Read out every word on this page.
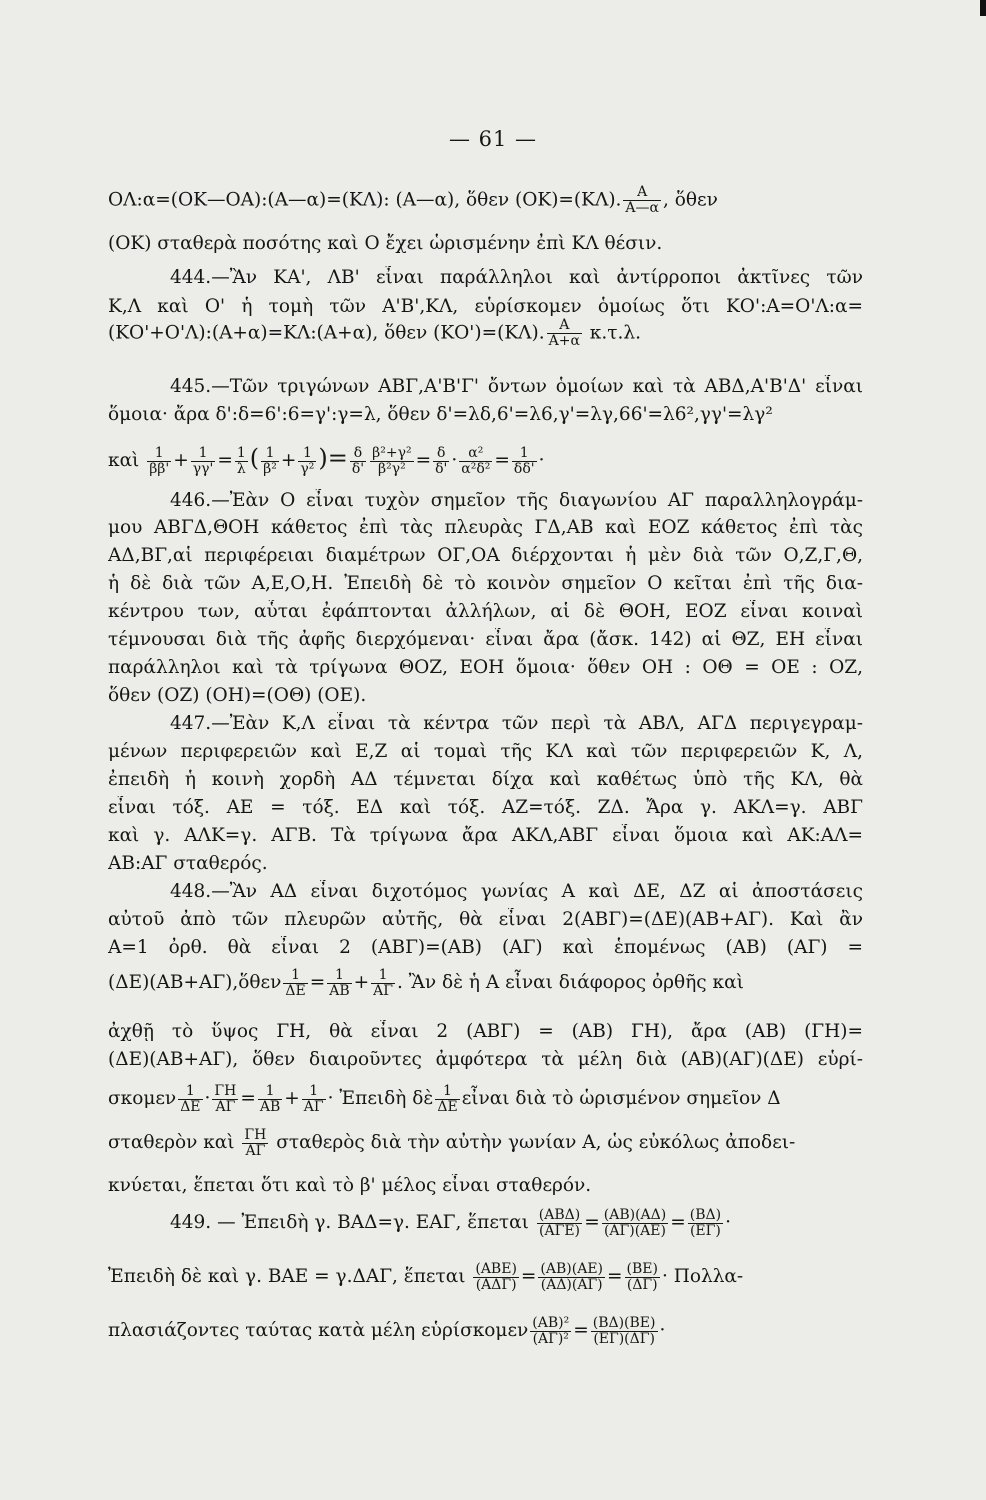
— 61 —
ΟΛ:α=(ΟΚ—ΟΑ):(Α—α)=(ΚΛ): (Α—α), ὅθεν (ΟΚ)=(ΚΛ). $\frac{A}{A—\alpha}$ , ὅθεν
(ΟΚ) σταθερὰ ποσότης καὶ Ο ἔχει ὡρισμένην ἐπὶ ΚΛ θέσιν.
444.—Ἂν ΚΑ', ΛΒ' εἶναι παράλληλοι καὶ ἀντίρροποι ἀκτῖνες τῶν
Κ,Λ καὶ Ο' ἡ τομὴ τῶν Α'Β',ΚΛ, εὑρίσκομεν ὁμοίως ὅτι ΚΟ':Α=Ο'Λ:α=
(ΚΟ'+Ο'Λ):(Α+α)=ΚΛ:(Α+α), ὅθεν (ΚΟ')=(ΚΛ). $\frac{A}{A+\alpha} \kappa.\tau.\lambda$.
445.—Τῶν τριγώνων ΑΒΓ,Α'Β'Γ' ὄντων ὁμοίων καὶ τὰ ΑΒΔ,Α'Β'Δ' εἶναι
ὅμοια· ἄρα δ':δ=6':6=γ':γ=λ, ὅθεν δ'=λδ,6'=λ6,γ'=λγ,66'=λ6²,γγ'=λγ²
καὶ $\frac{1}{\beta\beta'} + \frac{1}{\gamma\gamma'} = \frac{1}{\lambda}$ ( $\frac{1}{\text{β²}} + \frac{1}{\text{γ²}}$ )= $\frac{\delta}{\delta'} \frac{\text{β²+γ²}}{\text{β²γ²}} = \frac{\delta}{\delta'} \cdot \frac{\text{α²}}{\text{α²δ²}} = \frac{1}{\delta\delta'}$ ·
446.—Ἐὰν Ο εἶναι τυχὸν σημεῖον τῆς διαγωνίου ΑΓ παραλληλογράμ-
μου ΑΒΓΔ,ΘΟΗ κάθετος ἐπὶ τὰς πλευρὰς ΓΔ,ΑΒ καὶ ΕΟΖ κάθετος ἐπὶ τὰς
ΑΔ,ΒΓ,αἱ περιφέρειαι διαμέτρων ΟΓ,ΟΑ διέρχονται ἡ μὲν διὰ τῶν Ο,Ζ,Γ,Θ,
ἡ δὲ διὰ τῶν Α,Ε,Ο,Η. Ἐπειδὴ δὲ τὸ κοινὸν σημεῖον Ο κεῖται ἐπὶ τῆς δια-
κέντρου των, αὗται ἐφάπτονται ἀλλήλων, αἱ δὲ ΘΟΗ, ΕΟΖ εἶναι κοιναὶ
τέμνουσαι διὰ τῆς ἀφῆς διερχόμεναι· εἶναι ἄρα (ἄσκ. 142) αἱ ΘΖ, ΕΗ εἶναι
παράλληλοι καὶ τὰ τρίγωνα ΘΟΖ, ΕΟΗ ὅμοια· ὅθεν ΟΗ : ΟΘ = ΟΕ : ΟΖ,
ὅθεν (ΟΖ) (ΟΗ)=(ΟΘ) (ΟΕ).
447.—Ἐὰν Κ,Λ εἶναι τὰ κέντρα τῶν περὶ τὰ ΑΒΛ, ΑΓΔ περιγεγραμ-
μένων περιφερειῶν καὶ Ε,Ζ αἱ τομαὶ τῆς ΚΛ καὶ τῶν περιφερειῶν Κ, Λ,
ἐπειδὴ ἡ κοινὴ χορδὴ ΑΔ τέμνεται δίχα καὶ καθέτως ὑπὸ τῆς ΚΛ, θὰ
εἶναι τόξ. ΑΕ = τόξ. ΕΔ καὶ τόξ. ΑΖ=τόξ. ΖΔ. Ἄρα γ. ΑΚΛ=γ. ΑΒΓ
καὶ γ. ΑΛΚ=γ. ΑΓΒ. Τὰ τρίγωνα ἄρα ΑΚΛ,ΑΒΓ εἶναι ὅμοια καὶ ΑΚ:ΑΛ=
ΑΒ:ΑΓ σταθερός.
448.—Ἂν ΑΔ εἶναι διχοτόμος γωνίας Α καὶ ΔΕ, ΔΖ αἱ ἀποστάσεις
αὐτοῦ ἀπὸ τῶν πλευρῶν αὐτῆς, θὰ εἶναι 2(ΑΒΓ)=(ΔΕ)(ΑΒ+ΑΓ). Καὶ ἂν
Α=1 ὀρθ. θὰ εἶναι 2 (ΑΒΓ)=(ΑΒ) (ΑΓ) καὶ ἑπομένως (ΑΒ) (ΑΓ) =
(ΔΕ)(ΑΒ+ΑΓ),ὅθεν $\frac{1}{\Delta E} = \frac{1}{AB} + \frac{1}{A\Gamma}$ . Ἂν δὲ ἡ Α εἶναι διάφορος ὀρθῆς καὶ
ἀχθῇ τὸ ὕψος ΓΗ, θὰ εἶναι 2 (ΑΒΓ) = (ΑΒ) ΓΗ), ἄρα (ΑΒ) (ΓΗ)=
(ΔΕ)(ΑΒ+ΑΓ), ὅθεν διαιροῦντες ἀμφότερα τὰ μέλη διὰ (ΑΒ)(ΑΓ)(ΔΕ) εὑρί-
σκομεν $\frac{1}{\Delta E} \cdot \frac{\Gamma H}{A\Gamma} = \frac{1}{AB} + \frac{1}{A\Gamma}$ · Ἐπειδὴ δὲ $\frac{1}{\Delta E}$ εἶναι διὰ τὸ ὡρισμένον σημεῖον Δ
σταθερὸν καὶ $\frac{\Gamma H}{A\Gamma}$ σταθερὸς διὰ τὴν αὐτὴν γωνίαν Α, ὡς εὐκόλως ἀποδει-
κνύεται, ἕπεται ὅτι καὶ τὸ β' μέλος εἶναι σταθερόν.
449. — Ἐπειδὴ γ. ΒΑΔ=γ. ΕΑΓ, ἕπεται (ΑΒΔ)
$(A\Gamma E) = \frac{(AB)(A\Delta)}{(A\Gamma)(AE)} = \frac{(B\Delta)}{(E\Gamma)}$ ·
Ἐπειδὴ δὲ καὶ γ. ΒΑΕ = γ.ΔΑΓ, ἕπεται (ΑΒΕ)
$(A\Delta\Gamma) = \frac{(AB)(AE)}{(A\Delta)(A\Gamma)} = \frac{(BE)}{(\Delta\Gamma)} \cdot \Pi o\lambda\lambda\alpha-$
πλασιάζοντες ταύτας κατὰ μέλη εὑρίσκομεν $\frac{\text{(ΑΒ)²}}{\text{(ΑΓ)²}} = \frac{(B\Delta)(BE)}{(E\Gamma)(\Delta\Gamma)}$ ·
